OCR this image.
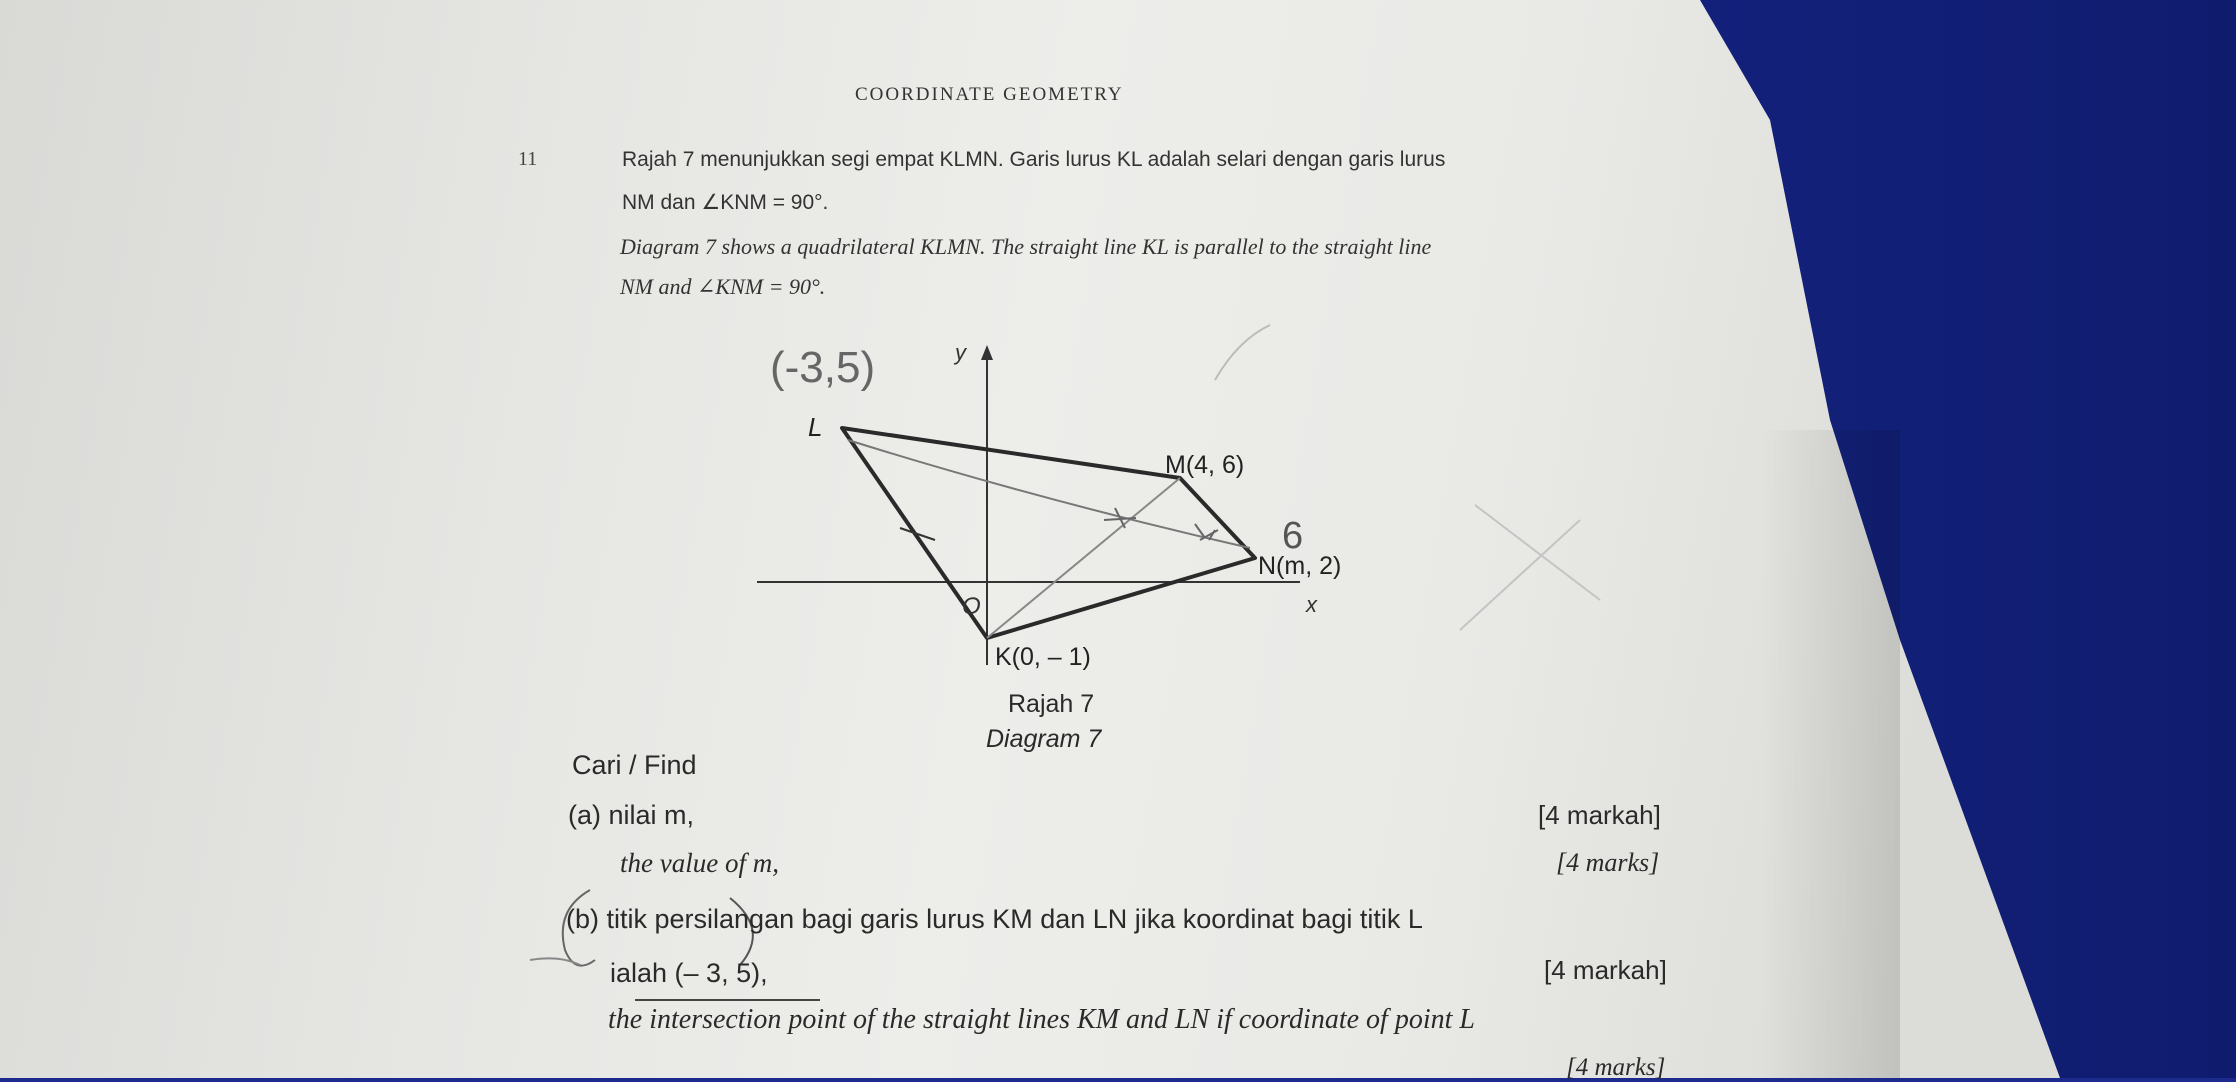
COORDINATE GEOMETRY
11	Rajah 7 menunjukkan segi empat KLMN. Garis lurus KL adalah selari dengan garis lurus
NM dan ∠KNM = 90°.
Diagram 7 shows a quadrilateral KLMN. The straight line KL is parallel to the straight line
NM and ∠KNM = 90°.
y
x
O
L
M(4, 6)
N(m, 2)
K(0, – 1)
(-3,5)
6
Rajah 7
Diagram 7
Cari / Find
(a) nilai m,	[4 markah]
the value of m,	[4 marks]
(b) titik persilangan bagi garis lurus KM dan LN jika koordinat bagi titik L
ialah (– 3, 5),	[4 markah]
the intersection point of the straight lines KM and LN if coordinate of point L
[4 marks]
